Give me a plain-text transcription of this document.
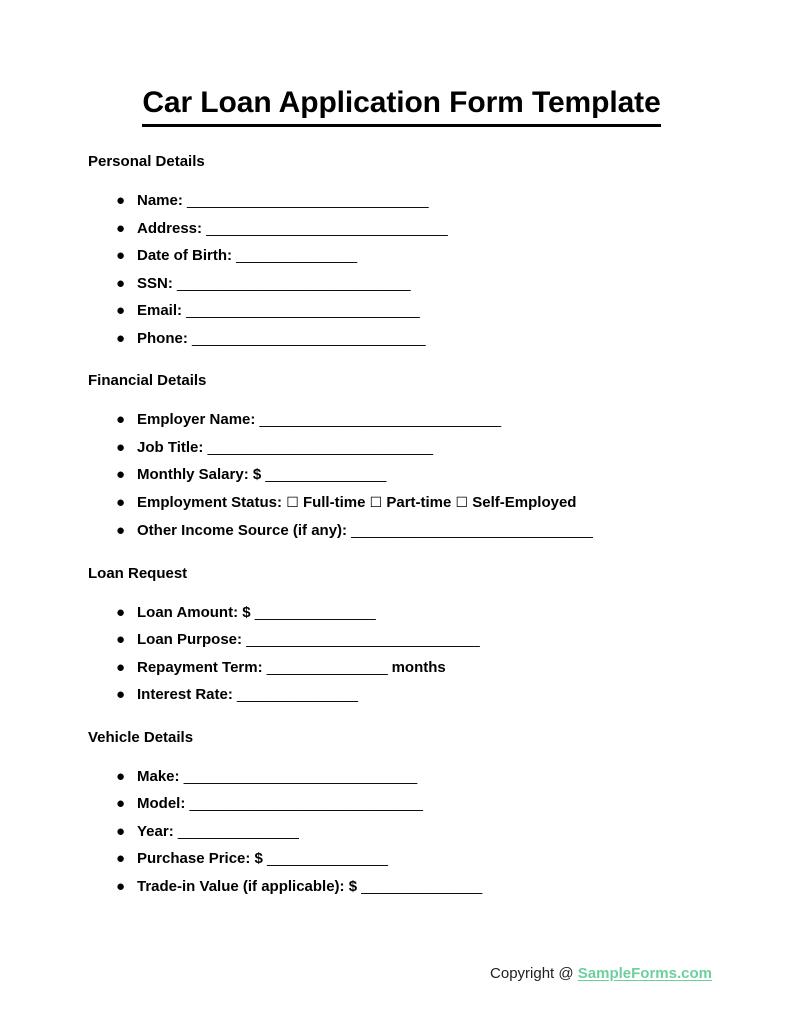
Car Loan Application Form Template
Personal Details
● Name: ______________________________
● Address: ______________________________
● Date of Birth: _______________
● SSN: _____________________________
● Email: _____________________________
● Phone: _____________________________
Financial Details
● Employer Name: ______________________________
● Job Title: ____________________________
● Monthly Salary: $ _______________
● Employment Status: ☐ Full-time ☐ Part-time ☐ Self-Employed
● Other Income Source (if any): ______________________________
Loan Request
● Loan Amount: $ _______________
● Loan Purpose: _____________________________
● Repayment Term: _______________ months
● Interest Rate: _______________
Vehicle Details
● Make: _____________________________
● Model: _____________________________
● Year: _______________
● Purchase Price: $ _______________
● Trade-in Value (if applicable): $ _______________
Copyright @ SampleForms.com
